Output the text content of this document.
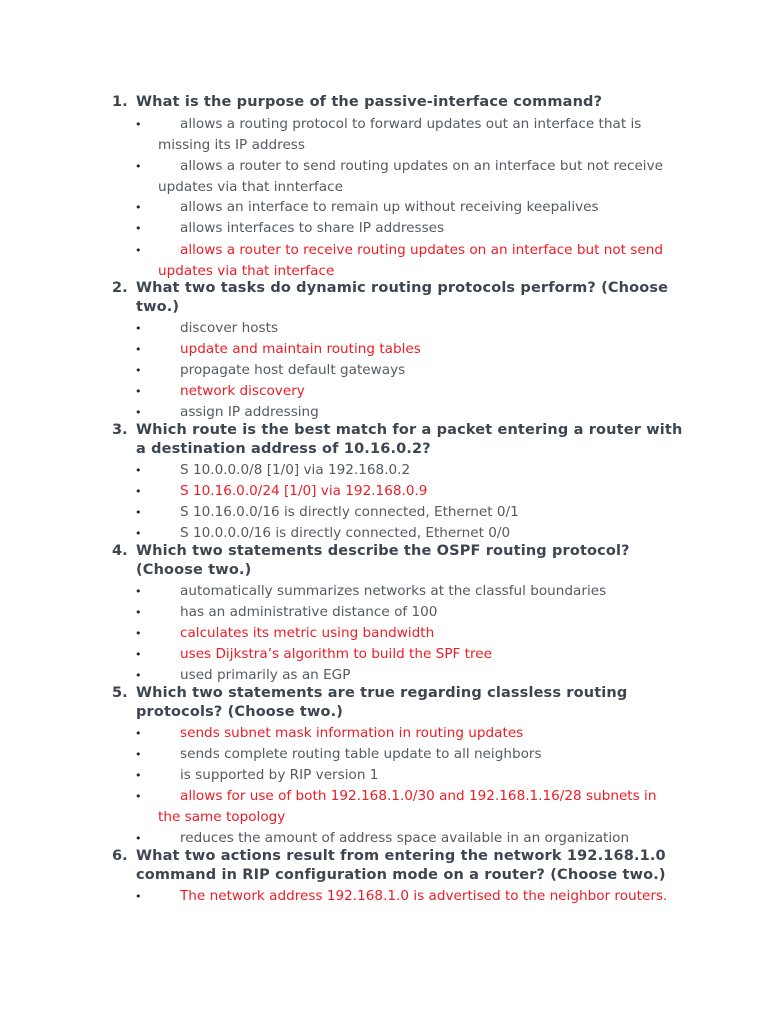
1. What is the purpose of the passive-interface command?
•	allows a routing protocol to forward updates out an interface that is missing its IP address
•	allows a router to send routing updates on an interface but not receive updates via that innterface
•	allows an interface to remain up without receiving keepalives
•	allows interfaces to share IP addresses
•	allows a router to receive routing updates on an interface but not send updates via that interface
2. What two tasks do dynamic routing protocols perform? (Choose two.)
•	discover hosts
•	update and maintain routing tables
•	propagate host default gateways
•	network discovery
•	assign IP addressing
3. Which route is the best match for a packet entering a router with a destination address of 10.16.0.2?
•	S 10.0.0.0/8 [1/0] via 192.168.0.2
•	S 10.16.0.0/24 [1/0] via 192.168.0.9
•	S 10.16.0.0/16 is directly connected, Ethernet 0/1
•	S 10.0.0.0/16 is directly connected, Ethernet 0/0
4. Which two statements describe the OSPF routing protocol? (Choose two.)
•	automatically summarizes networks at the classful boundaries
•	has an administrative distance of 100
•	calculates its metric using bandwidth
•	uses Dijkstra’s algorithm to build the SPF tree
•	used primarily as an EGP
5. Which two statements are true regarding classless routing protocols? (Choose two.)
•	sends subnet mask information in routing updates
•	sends complete routing table update to all neighbors
•	is supported by RIP version 1
•	allows for use of both 192.168.1.0/30 and 192.168.1.16/28 subnets in the same topology
•	reduces the amount of address space available in an organization
6. What two actions result from entering the network 192.168.1.0 command in RIP configuration mode on a router? (Choose two.)
•	The network address 192.168.1.0 is advertised to the neighbor routers.
